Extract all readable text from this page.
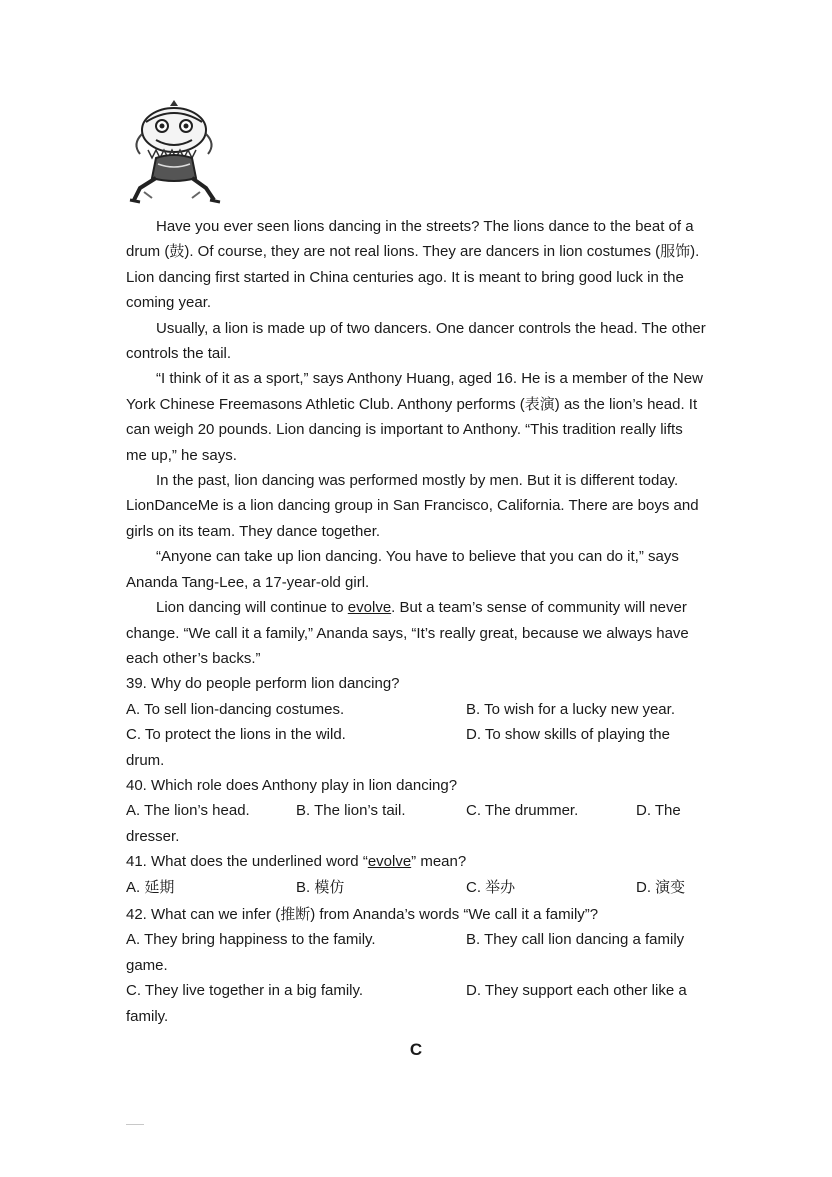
Have you ever seen lions dancing in the streets? The lions dance to the beat of a drum (鼓). Of course, they are not real lions. They are dancers in lion costumes (服饰). Lion dancing first started in China centuries ago. It is meant to bring good luck in the coming year.

Usually, a lion is made up of two dancers. One dancer controls the head. The other controls the tail.

“I think of it as a sport,” says Anthony Huang, aged 16. He is a member of the New York Chinese Freemasons Athletic Club. Anthony performs (表演) as the lion’s head. It can weigh 20 pounds. Lion dancing is important to Anthony. “This tradition really lifts me up,” he says.

In the past, lion dancing was performed mostly by men. But it is different today. LionDanceMe is a lion dancing group in San Francisco, California. There are boys and girls on its team. They dance together.

“Anyone can take up lion dancing. You have to believe that you can do it,” says Ananda Tang-Lee, a 17-year-old girl.

Lion dancing will continue to evolve. But a team’s sense of community will never change. “We call it a family,” Ananda says, “It’s really great, because we always have each other’s backs.”

39. Why do people perform lion dancing?

A. To sell lion-dancing costumes.	B. To wish for a lucky new year.
C. To protect the lions in the wild.	D. To show skills of playing the

drum.

40. Which role does Anthony play in lion dancing?

A. The lion’s head.	B. The lion’s tail.	C. The drummer.	D. The

dresser.

41. What does the underlined word “evolve” mean?

A. 延期	B. 模仿	C. 举办	D. 演变

42. What can we infer (推断) from Ananda’s words “We call it a family”?

A. They bring happiness to the family.	B. They call lion dancing a family

game.

C. They live together in a big family.	D. They support each other like a

family.

C
